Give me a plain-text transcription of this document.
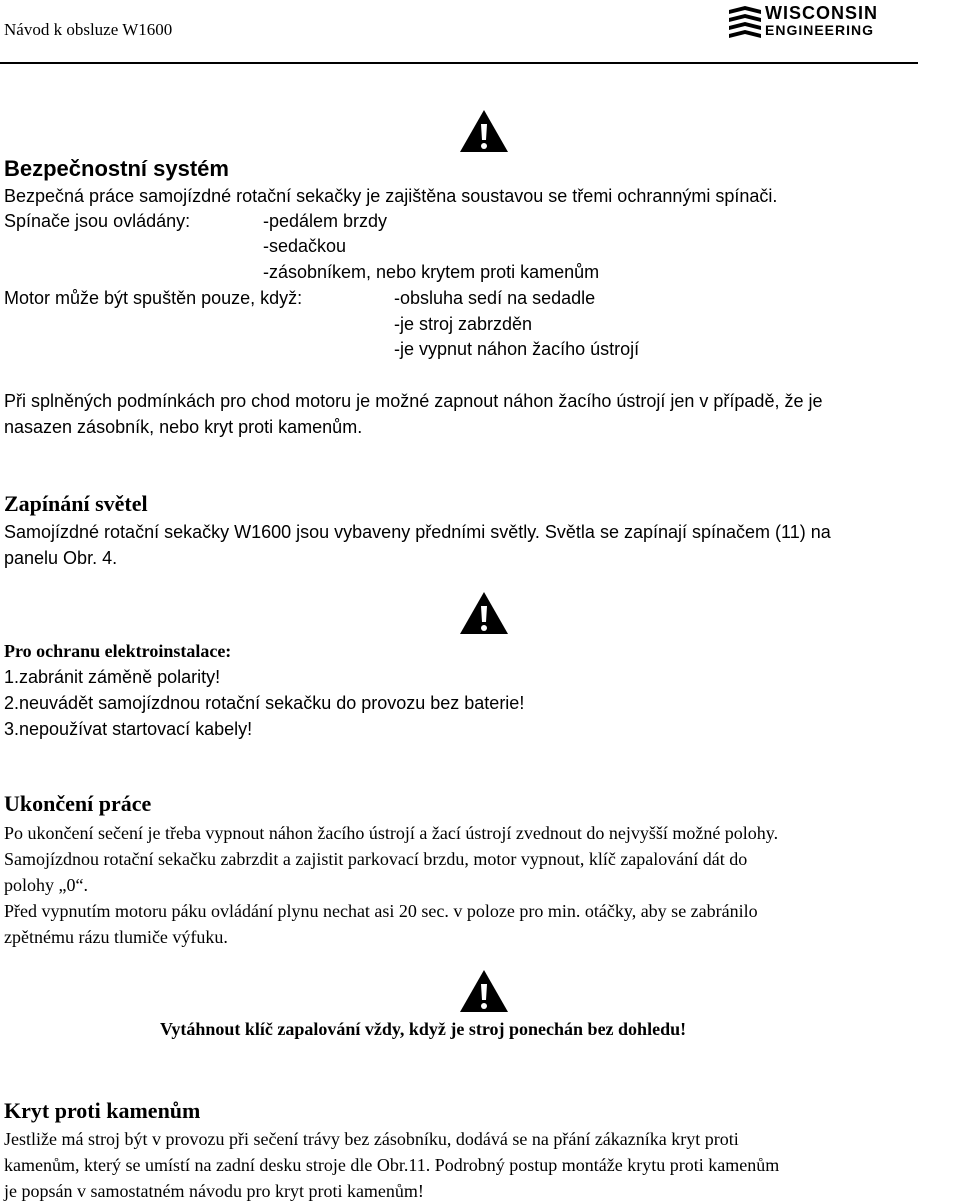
Návod k obsluze W1600
WISCONSIN
ENGINEERING
Bezpečnostní systém
Bezpečná práce samojízdné rotační sekačky je zajištěna soustavou se třemi ochrannými spínači.
Spínače jsou ovládány:	-pedálem brzdy
-sedačkou
-zásobníkem, nebo krytem proti kamenům
Motor může být spuštěn pouze, když:	-obsluha sedí na sedadle
-je stroj zabrzděn
-je vypnut náhon žacího ústrojí
Při splněných podmínkách pro chod motoru je možné zapnout náhon žacího ústrojí jen v případě, že je
nasazen zásobník, nebo kryt proti kamenům.
Zapínání světel
Samojízdné rotační sekačky W1600 jsou vybaveny předními světly. Světla se zapínají spínačem (11) na
panelu Obr. 4.
Pro ochranu elektroinstalace:
1.zabránit záměně polarity!
2.neuvádět samojízdnou rotační sekačku do provozu bez baterie!
3.nepoužívat startovací kabely!
Ukončení práce
Po ukončení sečení je třeba vypnout náhon žacího ústrojí a žací ústrojí zvednout do nejvyšší možné polohy.
Samojízdnou rotační sekačku zabrzdit a zajistit parkovací brzdu, motor vypnout, klíč zapalování dát do
polohy „0“.
Před vypnutím motoru páku ovládání plynu nechat asi 20 sec. v poloze pro min. otáčky, aby se zabránilo
zpětnému rázu tlumiče výfuku.
Vytáhnout klíč zapalování vždy, když je stroj ponechán bez dohledu!
Kryt proti kamenům
Jestliže má stroj být v provozu při sečení trávy bez zásobníku, dodává se na přání zákazníka kryt proti
kamenům, který se umístí na zadní desku stroje dle Obr.11. Podrobný postup montáže krytu proti kamenům
je popsán v samostatném návodu pro kryt proti kamenům!
